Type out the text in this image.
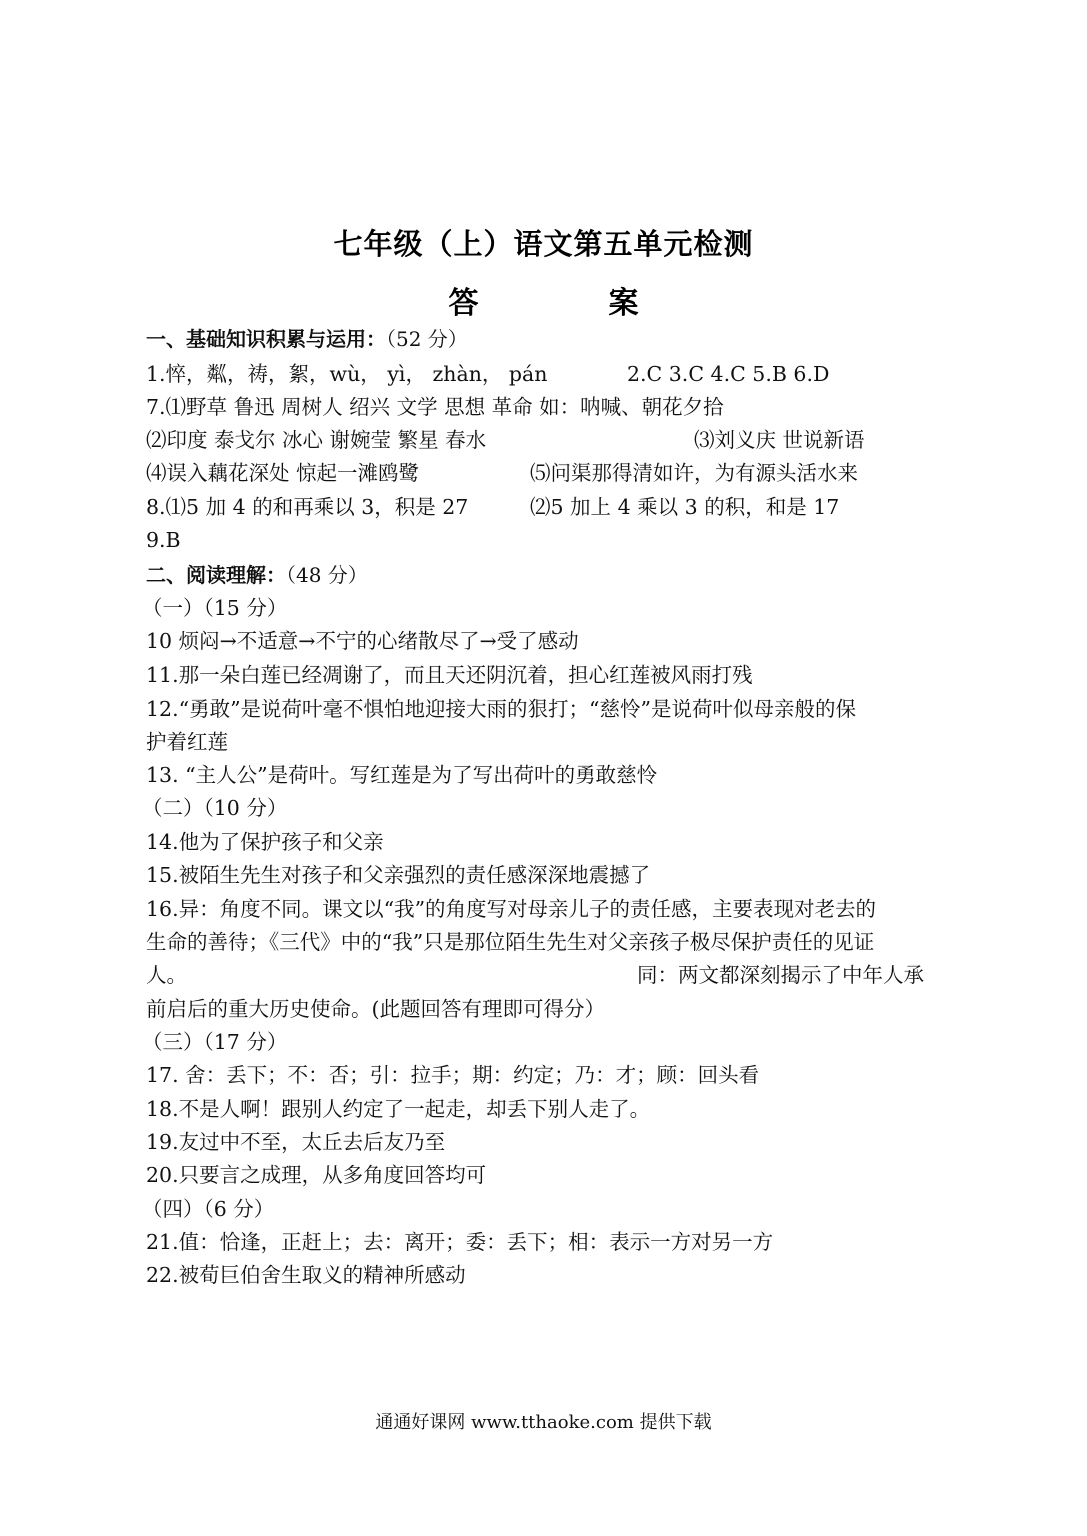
七年级（上）语文第五单元检测
答	案
一、基础知识积累与运用：（52 分）
1.悴，粼，祷，絮，wù， yì， zhàn， pán	2.C 3.C 4.C 5.B 6.D
7.⑴野草 鲁迅 周树人 绍兴 文学 思想 革命 如：呐喊、朝花夕拾
⑵印度 泰戈尔 冰心 谢婉莹 繁星 春水	⑶刘义庆 世说新语
⑷误入藕花深处 惊起一滩鸥鹭	⑸问渠那得清如许，为有源头活水来
8.⑴5 加 4 的和再乘以 3，积是 27	⑵5 加上 4 乘以 3 的积，和是 17
9.B
二、阅读理解：（48 分）
（一）（15 分）
10 烦闷→不适意→不宁的心绪散尽了→受了感动
11.那一朵白莲已经凋谢了，而且天还阴沉着，担心红莲被风雨打残
12.“勇敢”是说荷叶毫不惧怕地迎接大雨的狠打；“慈怜”是说荷叶似母亲般的保
护着红莲
13. “主人公”是荷叶。写红莲是为了写出荷叶的勇敢慈怜
（二）（10 分）
14.他为了保护孩子和父亲
15.被陌生先生对孩子和父亲强烈的责任感深深地震撼了
16.异：角度不同。课文以“我”的角度写对母亲儿子的责任感，主要表现对老去的
生命的善待；《三代》中的“我”只是那位陌生先生对父亲孩子极尽保护责任的见证
人。	同：两文都深刻揭示了中年人承
前启后的重大历史使命。(此题回答有理即可得分）
（三）（17 分）
17. 舍：丢下；不：否；引：拉手；期：约定；乃：才；顾：回头看
18.不是人啊！跟别人约定了一起走，却丢下别人走了。
19.友过中不至，太丘去后友乃至
20.只要言之成理，从多角度回答均可
（四）（6 分）
21.值：恰逢，正赶上；去：离开；委：丢下；相：表示一方对另一方
22.被荀巨伯舍生取义的精神所感动
通通好课网 www.tthaoke.com 提供下载
